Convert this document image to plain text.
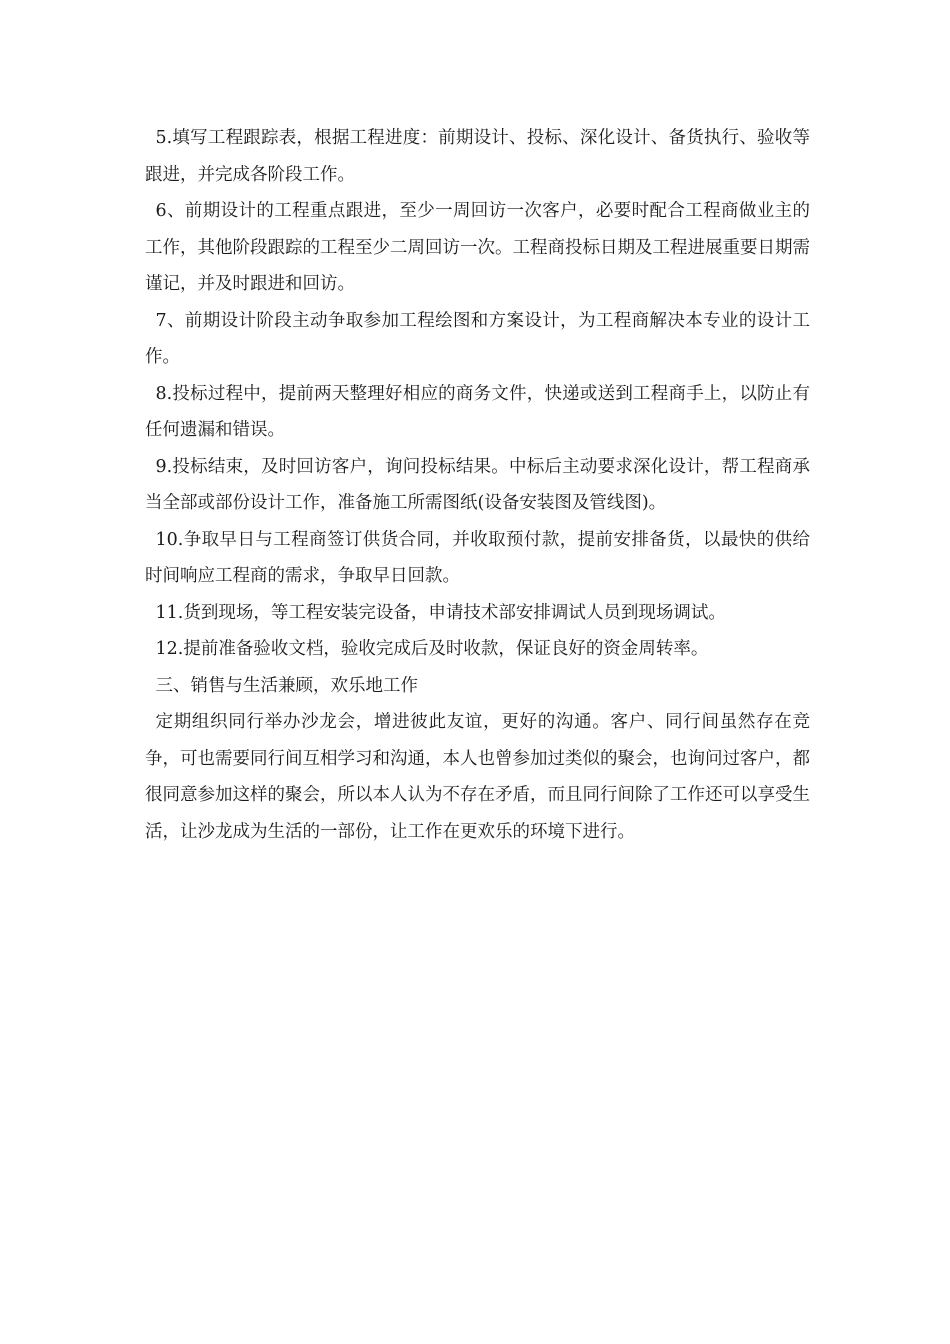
5.填写工程跟踪表，根据工程进度：前期设计、投标、深化设计、备货执行、验收等跟进，并完成各阶段工作。

6、前期设计的工程重点跟进，至少一周回访一次客户，必要时配合工程商做业主的工作，其他阶段跟踪的工程至少二周回访一次。工程商投标日期及工程进展重要日期需谨记，并及时跟进和回访。

7、前期设计阶段主动争取参加工程绘图和方案设计，为工程商解决本专业的设计工作。

8.投标过程中，提前两天整理好相应的商务文件，快递或送到工程商手上，以防止有任何遗漏和错误。

9.投标结束，及时回访客户，询问投标结果。中标后主动要求深化设计，帮工程商承当全部或部份设计工作，准备施工所需图纸(设备安装图及管线图)。

10.争取早日与工程商签订供货合同，并收取预付款，提前安排备货，以最快的供给时间响应工程商的需求，争取早日回款。

11.货到现场，等工程安装完设备，申请技术部安排调试人员到现场调试。

12.提前准备验收文档，验收完成后及时收款，保证良好的资金周转率。

三、销售与生活兼顾，欢乐地工作

定期组织同行举办沙龙会，增进彼此友谊，更好的沟通。客户、同行间虽然存在竞争，可也需要同行间互相学习和沟通，本人也曾参加过类似的聚会，也询问过客户，都很同意参加这样的聚会，所以本人认为不存在矛盾，而且同行间除了工作还可以享受生活，让沙龙成为生活的一部份，让工作在更欢乐的环境下进行。
